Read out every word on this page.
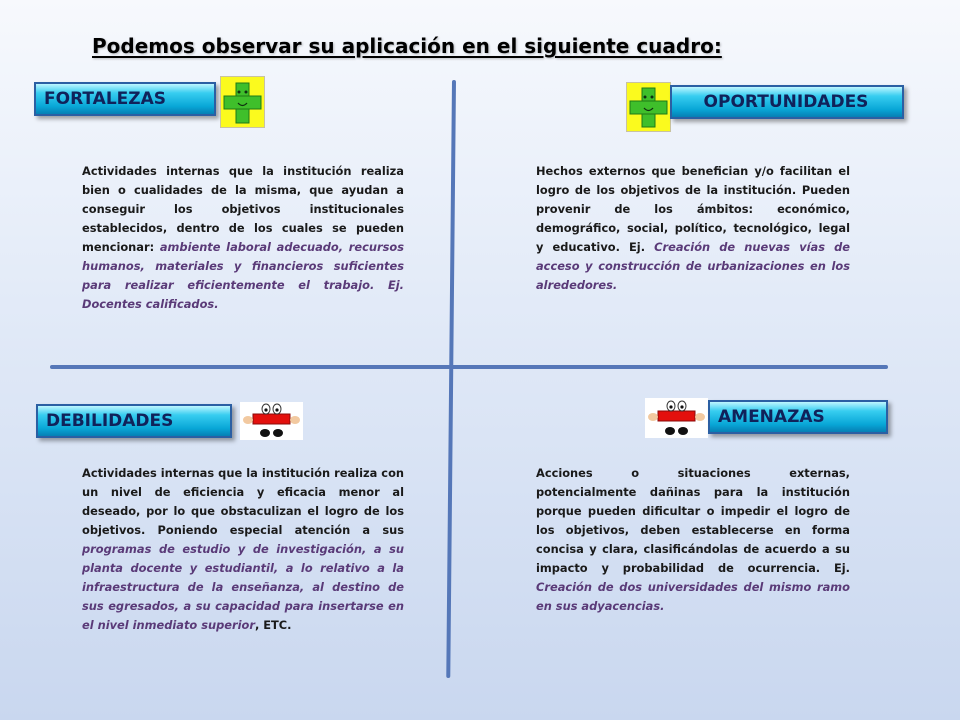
Podemos observar su aplicación en el siguiente cuadro:
FORTALEZAS

Actividades internas que la institución realiza bien o cualidades de la misma, que ayudan a conseguir los objetivos institucionales establecidos, dentro de los cuales se pueden mencionar: ambiente laboral adecuado, recursos humanos, materiales y financieros suficientes para realizar eficientemente el trabajo. Ej. Docentes calificados.

OPORTUNIDADES

Hechos externos que benefician y/o facilitan el logro de los objetivos de la institución. Pueden provenir de los ámbitos: económico, demográfico, social, político, tecnológico, legal y educativo. Ej. Creación de nuevas vías de acceso y construcción de urbanizaciones en los alrededores.

DEBILIDADES

Actividades internas que la institución realiza con un nivel de eficiencia y eficacia menor al deseado, por lo que obstaculizan el logro de los objetivos. Poniendo especial atención a sus programas de estudio y de investigación, a su planta docente y estudiantil, a lo relativo a la infraestructura de la enseñanza, al destino de sus egresados, a su capacidad para insertarse en el nivel inmediato superior, ETC.

AMENAZAS

Acciones o situaciones externas, potencialmente dañinas para la institución porque pueden dificultar o impedir el logro de los objetivos, deben establecerse en forma concisa y clara, clasificándolas de acuerdo a su impacto y probabilidad de ocurrencia. Ej. Creación de dos universidades del mismo ramo en sus adyacencias.
